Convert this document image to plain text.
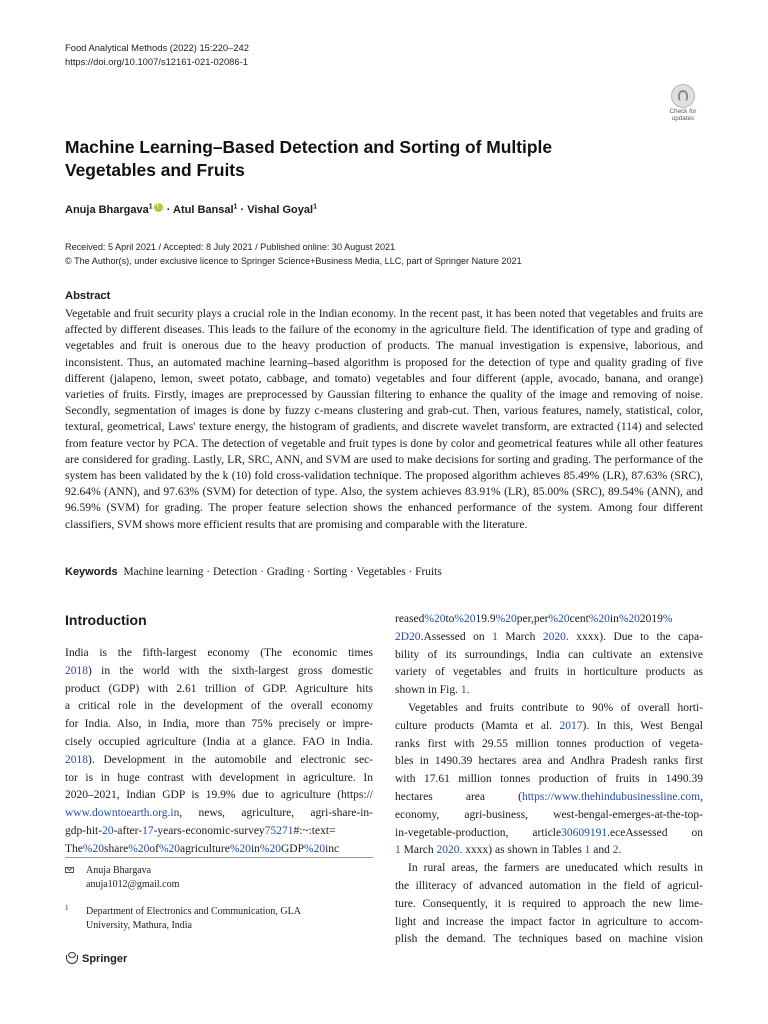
Food Analytical Methods (2022) 15:220–242
https://doi.org/10.1007/s12161-021-02086-1
Check for
updates
Machine Learning–Based Detection and Sorting of Multiple Vegetables and Fruits
Anuja Bhargava$^1$i · Atul Bansal$^1$ · Vishal Goyal$^1$
Received: 5 April 2021 / Accepted: 8 July 2021 / Published online: 30 August 2021
© The Author(s), under exclusive licence to Springer Science+Business Media, LLC, part of Springer Nature 2021
Abstract

Vegetable and fruit security plays a crucial role in the Indian economy. In the recent past, it has been noted that vegetables and fruits are affected by different diseases. This leads to the failure of the economy in the agriculture field. The identification of type and grading of vegetables and fruit is onerous due to the heavy production of products. The manual investigation is expensive, laborious, and inconsistent. Thus, an automated machine learning–based algorithm is proposed for the detection of type and quality grading of five different (jalapeno, lemon, sweet potato, cabbage, and tomato) vegetables and four different (apple, avocado, banana, and orange) varieties of fruits. Firstly, images are preprocessed by Gaussian filtering to enhance the quality of the image and removing of noise. Secondly, segmentation of images is done by fuzzy c-means clustering and grab-cut. Then, various features, namely, statistical, color, textural, geometrical, Laws' texture energy, the histogram of gradients, and discrete wavelet transform, are extracted (114) and selected from feature vector by PCA. The detection of vegetable and fruit types is done by color and geometrical features while all other features are considered for grading. Lastly, LR, SRC, ANN, and SVM are used to make decisions for sorting and grading. The performance of the system has been validated by the k (10) fold cross-validation technique. The proposed algorithm achieves 85.49% (LR), 87.63% (SRC), 92.64% (ANN), and 97.63% (SVM) for detection of type. Also, the system achieves 83.91% (LR), 85.00% (SRC), 89.54% (ANN), and 96.59% (SVM) for grading. The proper feature selection shows the enhanced performance of the system. Among four different classifiers, SVM shows more efficient results that are promising and comparable with the literature.

Keywords Machine learning · Detection · Grading · Sorting · Vegetables · Fruits
Introduction
India is the fifth-largest economy (The economic times
2018) in the world with the sixth-largest gross domestic
product (GDP) with 2.61 trillion of GDP. Agriculture hits
a critical role in the development of the overall economy
for India. Also, in India, more than 75% precisely or impre-
cisely occupied agriculture (India at a glance. FAO in India.
2018). Development in the automobile and electronic sec-
tor is in huge contrast with development in agriculture. In
2020–2021, Indian GDP is 19.9% due to agriculture (https://
www.downtoearth.org.in, news, agriculture, agri-share-in-
gdp-hit-20-after-17-years-economic-survey75271#:~:text=
The%20share%20of%20agriculture%20in%20GDP%20inc
reased%20to%2019.9%20per,per%20cent%20in%202019%
2D20.Assessed on 1 March 2020. xxxx). Due to the capa-
bility of its surroundings, India can cultivate an extensive
variety of vegetables and fruits in horticulture products as
shown in Fig. 1.
Vegetables and fruits contribute to 90% of overall horti-
culture products (Mamta et al. 2017). In this, West Bengal
ranks first with 29.55 million tonnes production of vegeta-
bles in 1490.39 hectares area and Andhra Pradesh ranks first
with 17.61 million tonnes production of fruits in 1490.39
hectares area (https://www.thehindubusinessline.com,
economy, agri-business, west-bengal-emerges-at-the-top-
in-vegetable-production, article30609191.eceAssessed on
1 March 2020. xxxx) as shown in Tables 1 and 2.
In rural areas, the farmers are uneducated which results in
the illiteracy of advanced automation in the field of agricul-
ture. Consequently, it is required to approach the new lime-
light and increase the impact factor in agriculture to accom-
plish the demand. The techniques based on machine vision
Anuja Bhargava
anuja1012@gmail.com
1 Department of Electronics and Communication, GLA
University, Mathura, India
Springer
